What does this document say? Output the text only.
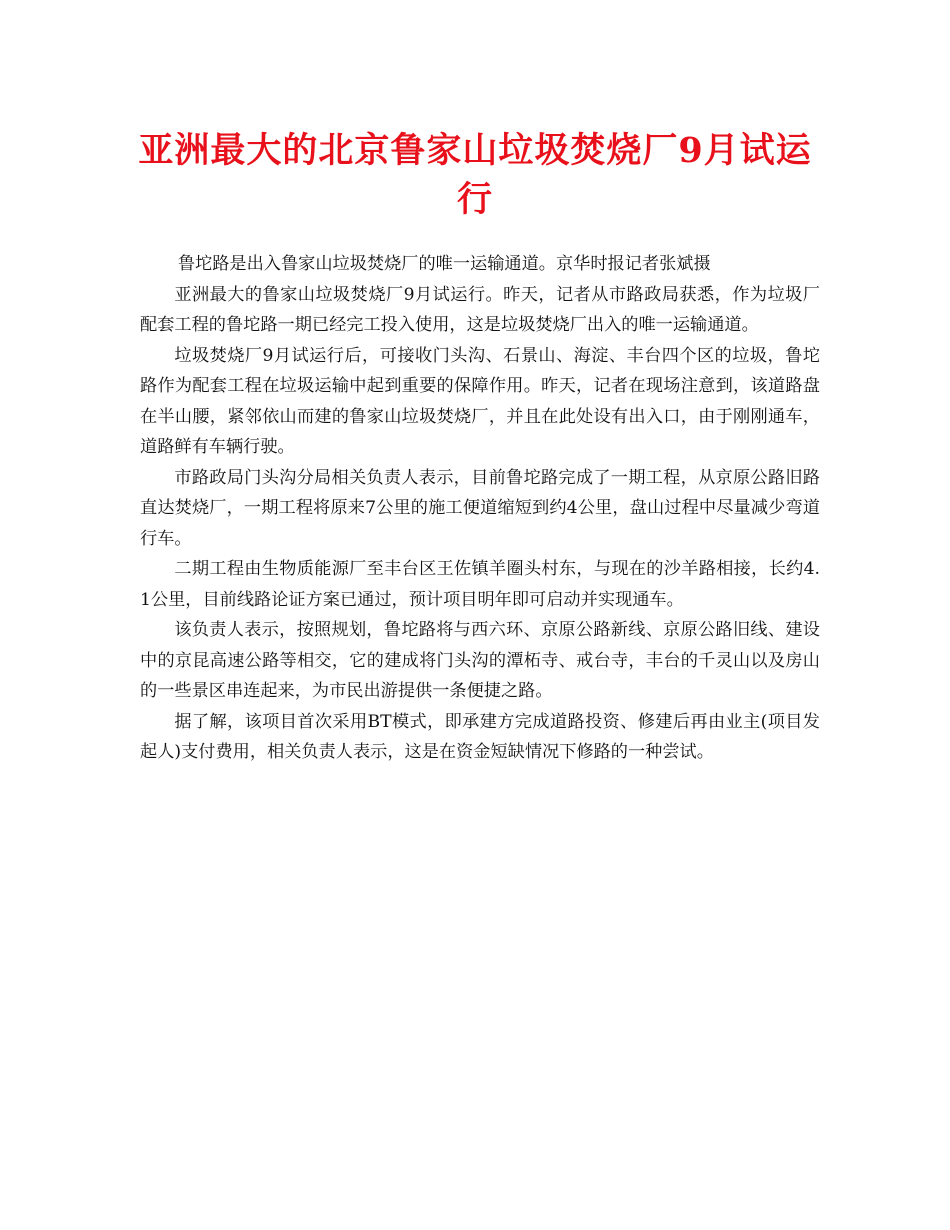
亚洲最大的北京鲁家山垃圾焚烧厂9月试运行

鲁坨路是出入鲁家山垃圾焚烧厂的唯一运输通道。京华时报记者张斌摄

亚洲最大的鲁家山垃圾焚烧厂9月试运行。昨天，记者从市路政局获悉，作为垃圾厂配套工程的鲁坨路一期已经完工投入使用，这是垃圾焚烧厂出入的唯一运输通道。

垃圾焚烧厂9月试运行后，可接收门头沟、石景山、海淀、丰台四个区的垃圾，鲁坨路作为配套工程在垃圾运输中起到重要的保障作用。昨天，记者在现场注意到，该道路盘在半山腰，紧邻依山而建的鲁家山垃圾焚烧厂，并且在此处设有出入口，由于刚刚通车，道路鲜有车辆行驶。

市路政局门头沟分局相关负责人表示，目前鲁坨路完成了一期工程，从京原公路旧路直达焚烧厂，一期工程将原来7公里的施工便道缩短到约4公里，盘山过程中尽量减少弯道行车。

二期工程由生物质能源厂至丰台区王佐镇羊圈头村东，与现在的沙羊路相接，长约4.1公里，目前线路论证方案已通过，预计项目明年即可启动并实现通车。

该负责人表示，按照规划，鲁坨路将与西六环、京原公路新线、京原公路旧线、建设中的京昆高速公路等相交，它的建成将门头沟的潭柘寺、戒台寺，丰台的千灵山以及房山的一些景区串连起来，为市民出游提供一条便捷之路。

据了解，该项目首次采用BT模式，即承建方完成道路投资、修建后再由业主(项目发起人)支付费用，相关负责人表示，这是在资金短缺情况下修路的一种尝试。
